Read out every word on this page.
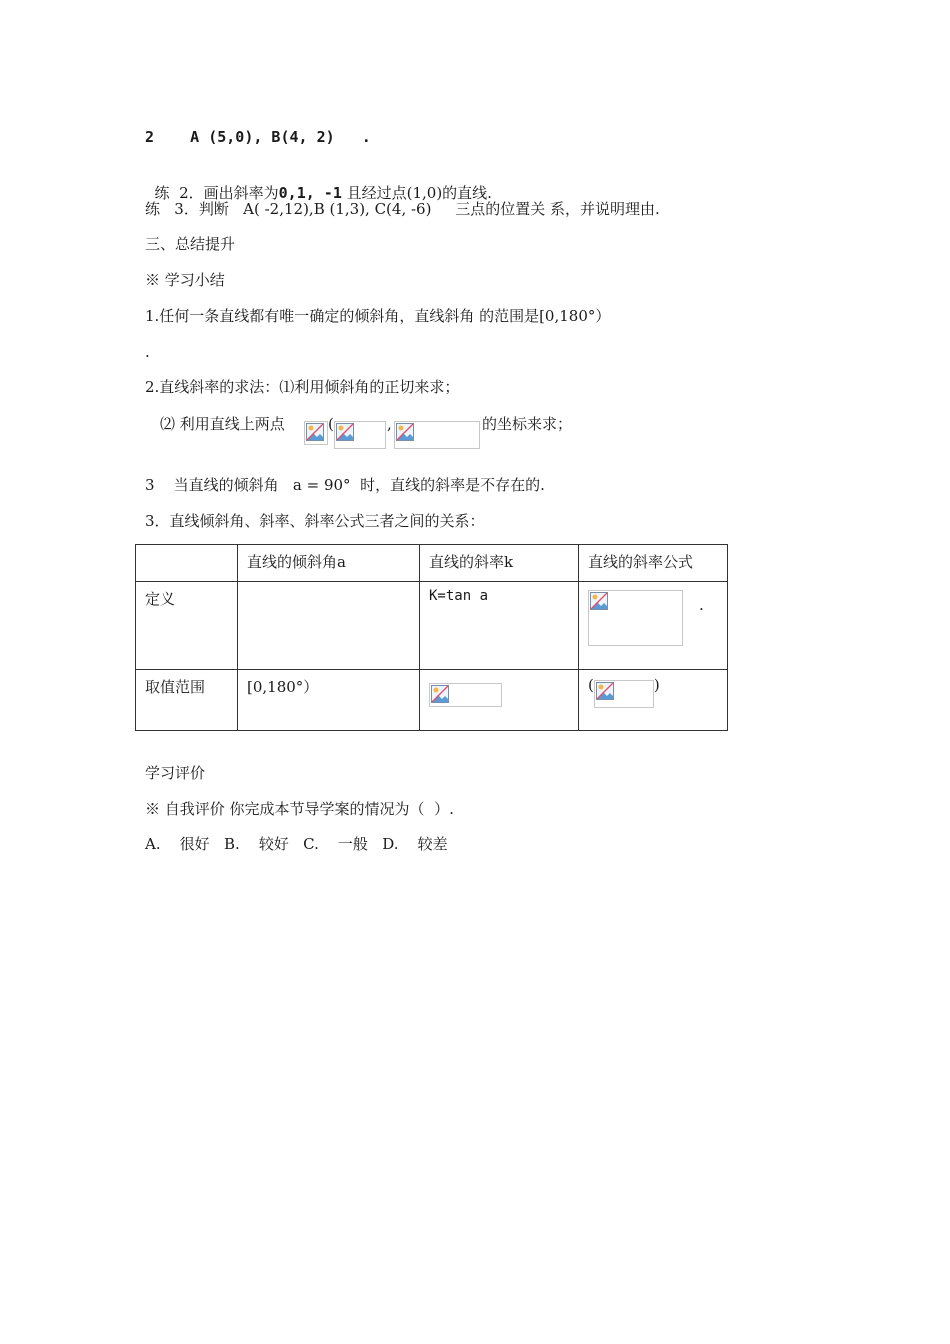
2    A (5,0), B(4, 2)   .

练  2．画出斜率为0,1, -1 且经过点(1,0)的直线.

练   3．判断   A( -2,12),B (1,3), C(4, -6)     三点的位置关 系，并说明理由.
三、总结提升
※ 学习小结
1.任何一条直线都有唯一确定的倾斜角，直线斜角 的范围是[0,180°）
.
2.直线斜率的求法：⑴利用倾斜角的正切来求；
⑵ 利用直线上两点	(	,	的坐标来求；
3    当直线的倾斜角   a = 90°  时，直线的斜率是不存在的.
3．直线倾斜角、斜率、斜率公式三者之间的关系：
	直线的倾斜角a	直线的斜率k	直线的斜率公式
定义		K=tan a	.

取值范围	[0,180°）		( )
学习评价
※ 自我评价 你完成本节导学案的情况为（  ）.
A.    很好   B.    较好   C.    一般   D.    较差
